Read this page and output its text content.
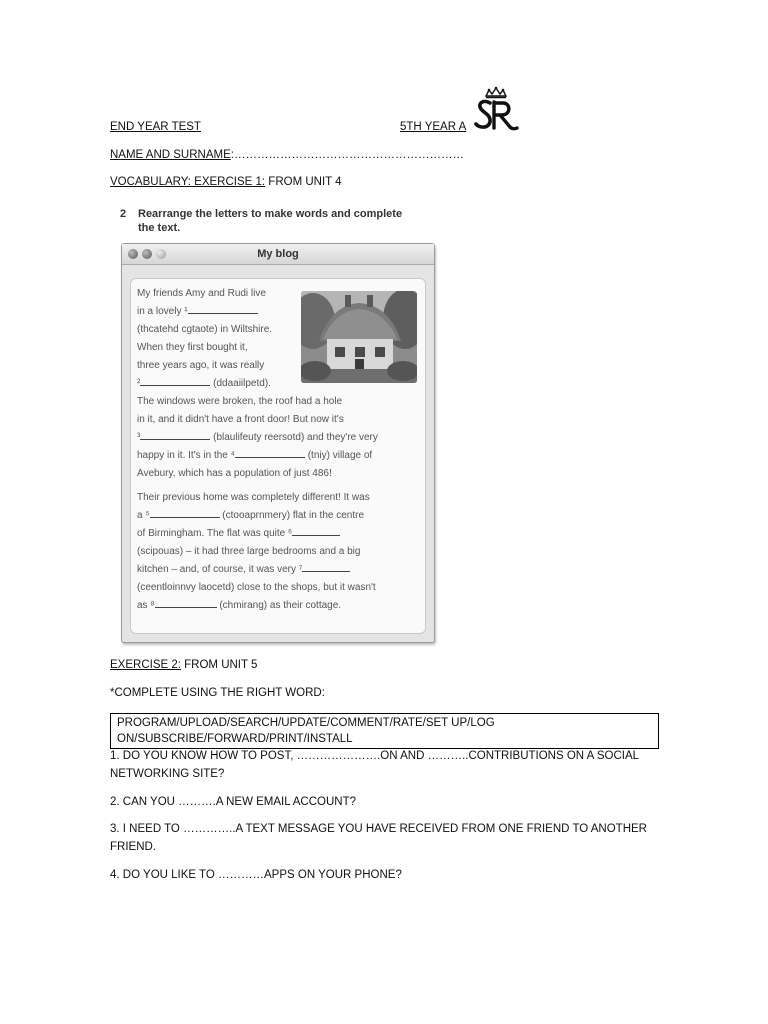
END YEAR TEST	5TH YEAR A
NAME AND SURNAME:……………………………………………………
VOCABULARY: EXERCISE 1: FROM UNIT 4
2 Rearrange the letters to make words and complete
the text.
My blog
My friends Amy and Rudi live
in a lovely ¹
(thcatehd cgtaote) in Wiltshire.
When they first bought it,
three years ago, it was really
²	(ddaaiilpetd).
The windows were broken, the roof had a hole
in it, and it didn't have a front door! But now it's
³	(blaulifeuty reersotd) and they're very
happy in it. It's in the ⁴	(tniy) village of
Avebury, which has a population of just 486!
Their previous home was completely different! It was
a ⁵	(ctooaprnmery) flat in the centre
of Birmingham. The flat was quite ⁶
(scipouas) – it had three large bedrooms and a big
kitchen – and, of course, it was very ⁷
(ceentloinnvy laocetd) close to the shops, but it wasn't
as ⁸	(chmirang) as their cottage.
EXERCISE 2: FROM UNIT 5
*COMPLETE USING THE RIGHT WORD:
PROGRAM/UPLOAD/SEARCH/UPDATE/COMMENT/RATE/SET UP/LOG
ON/SUBSCRIBE/FORWARD/PRINT/INSTALL
1. DO YOU KNOW HOW TO POST, ………………….ON AND ………..CONTRIBUTIONS ON A SOCIAL NETWORKING SITE?
2. CAN YOU ……….A NEW EMAIL ACCOUNT?
3. I NEED TO …………..A TEXT MESSAGE YOU HAVE RECEIVED FROM ONE FRIEND TO ANOTHER FRIEND.
4. DO YOU LIKE TO …………APPS ON YOUR PHONE?
